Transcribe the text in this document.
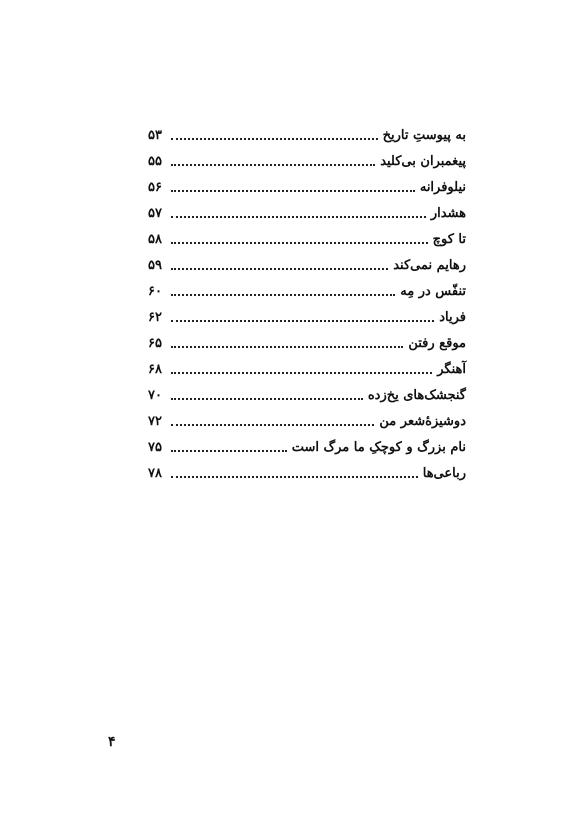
به پیوستِ تاریخ
۵۳
پیغمبران بی‌کلید
۵۵
نیلوفرانه
۵۶
هشدار
۵۷
تا کوچ
۵۸
رهایم نمی‌کند
۵۹
تنفّس در مِه
۶۰
فریاد
۶۲
موقع رفتن
۶۵
آهنگر
۶۸
گنجشک‌های یخ‌زده
۷۰
دوشیزۀشعر من
۷۲
نام بزرگ و کوچکِ ما مرگ است
۷۵
رباعی‌ها
۷۸
۴
